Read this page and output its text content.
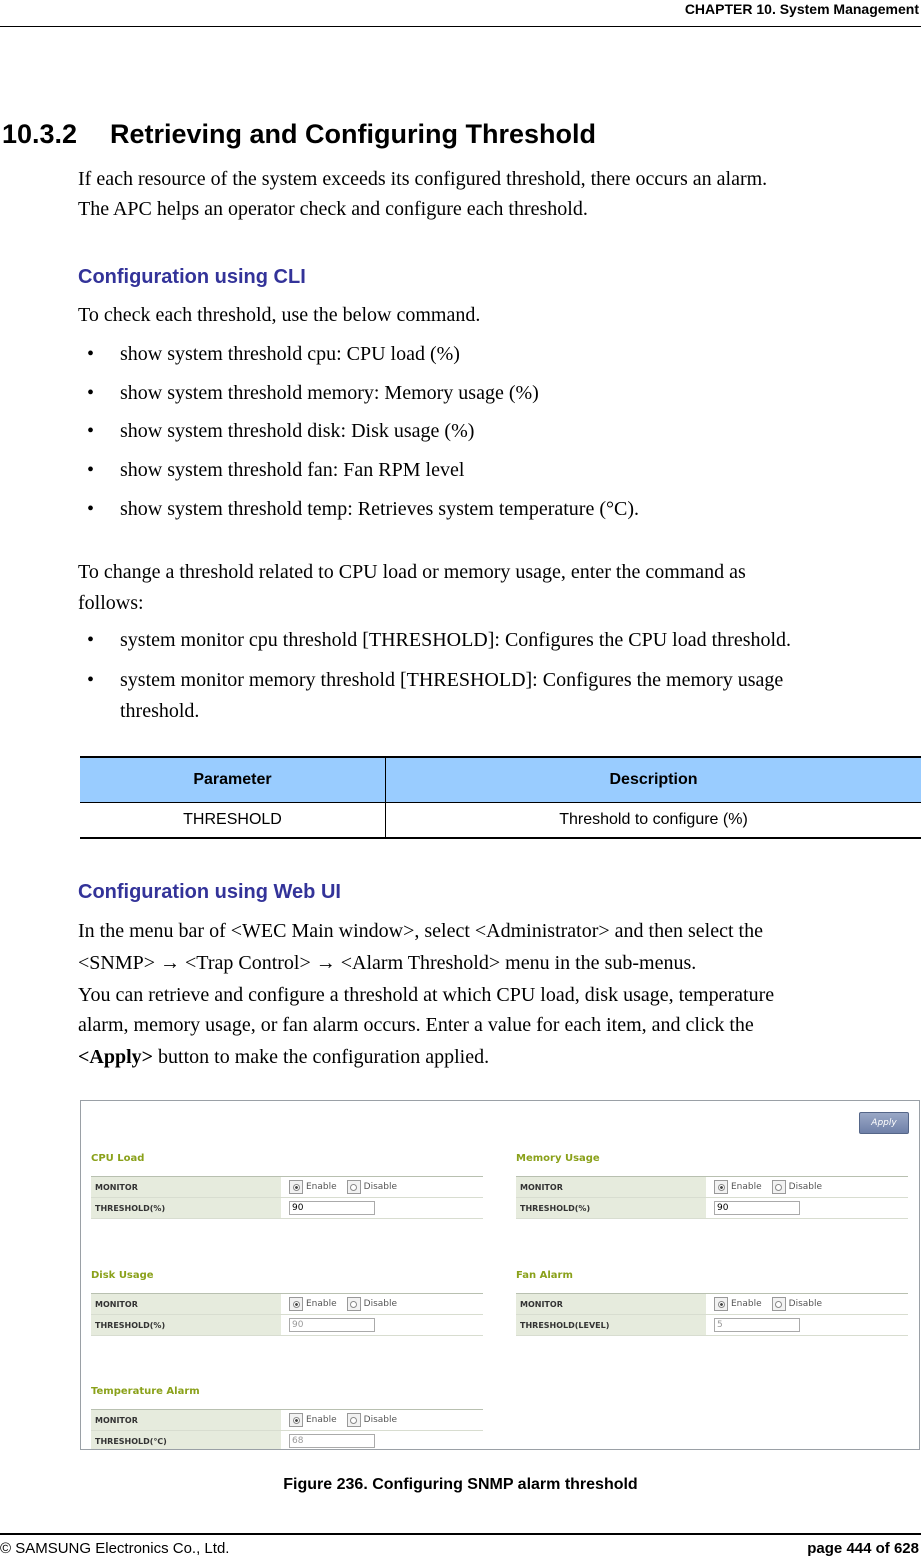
CHAPTER 10. System Management
10.3.2 Retrieving and Configuring Threshold
If each resource of the system exceeds its configured threshold, there occurs an alarm.
The APC helps an operator check and configure each threshold.
Configuration using CLI
To check each threshold, use the below command.
• show system threshold cpu: CPU load (%)
• show system threshold memory: Memory usage (%)
• show system threshold disk: Disk usage (%)
• show system threshold fan: Fan RPM level
• show system threshold temp: Retrieves system temperature (°C).
To change a threshold related to CPU load or memory usage, enter the command as
follows:
• system monitor cpu threshold [THRESHOLD]: Configures the CPU load threshold.
• system monitor memory threshold [THRESHOLD]: Configures the memory usage
threshold.
Parameter	Description
THRESHOLD	Threshold to configure (%)
Configuration using Web UI
In the menu bar of <WEC Main window>, select <Administrator> and then select the
<SNMP> → <Trap Control> → <Alarm Threshold> menu in the sub-menus.
You can retrieve and configure a threshold at which CPU load, disk usage, temperature
alarm, memory usage, or fan alarm occurs. Enter a value for each item, and click the
<Apply> button to make the configuration applied.
Apply
CPU Load
MONITOR	Enable	Disable
THRESHOLD(%)	90
Memory Usage
MONITOR	Enable	Disable
THRESHOLD(%)	90
Disk Usage
MONITOR	Enable	Disable
THRESHOLD(%)	90
Fan Alarm
MONITOR	Enable	Disable
THRESHOLD(LEVEL)	5
Temperature Alarm
MONITOR	Enable	Disable
THRESHOLD(℃)	68
Figure 236. Configuring SNMP alarm threshold
© SAMSUNG Electronics Co., Ltd.	page 444 of 628
